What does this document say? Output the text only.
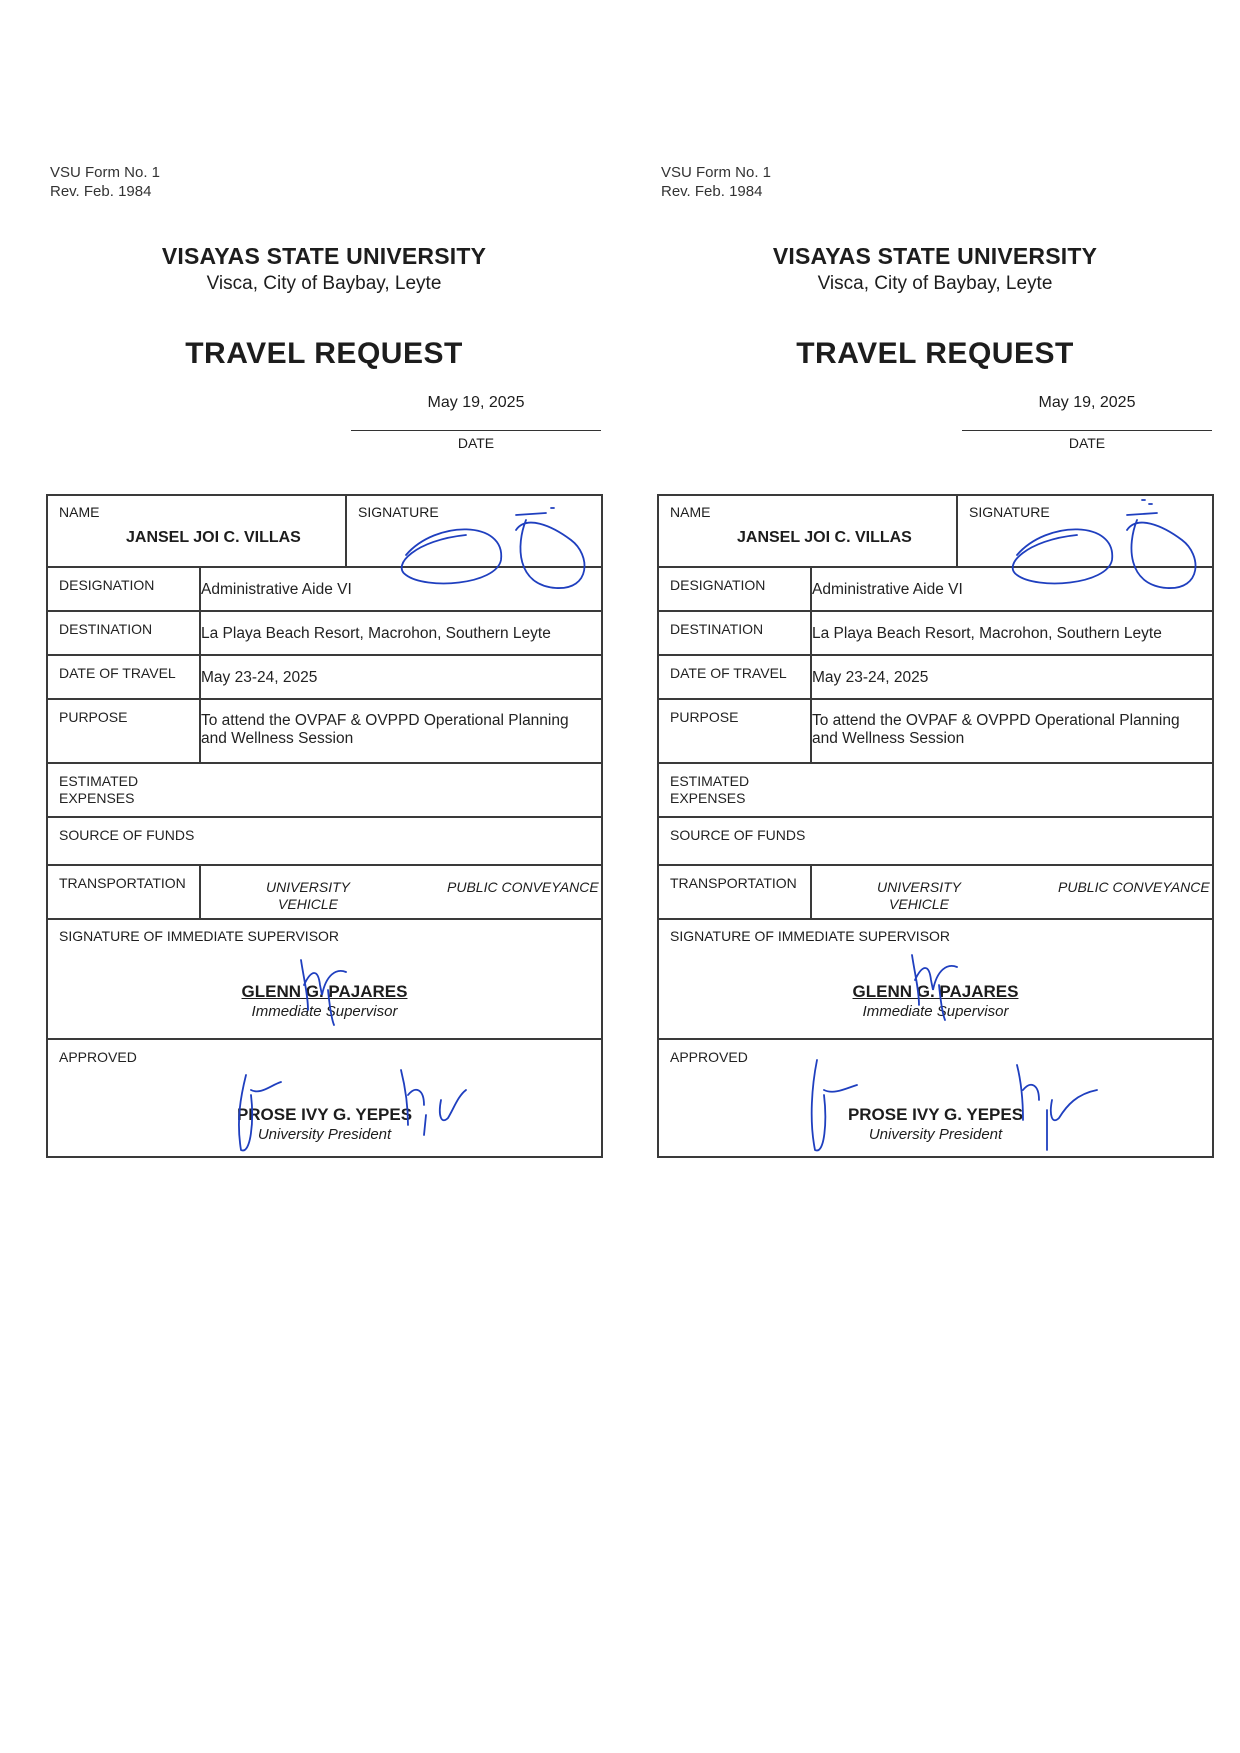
VSU Form No. 1
Rev. Feb. 1984
VISAYAS STATE UNIVERSITY
Visca, City of Baybay, Leyte
TRAVEL REQUEST
May 19, 2025
DATE
NAME
JANSEL JOI C. VILLAS		SIGNATURE

DESIGNATION	Administrative Aide VI	

DESTINATION	La Playa Beach Resort, Macrohon, Southern Leyte	

DATE OF TRAVEL	May 23-24, 2025	

PURPOSE	To attend the OVPAF & OVPPD Operational Planning and Wellness Session	

ESTIMATED EXPENSES		

SOURCE OF FUNDS		

TRANSPORTATION	UNIVERSITY VEHICLE
PUBLIC CONVEYANCE	

SIGNATURE OF IMMEDIATE SUPERVISOR
GLENN G. PAJARES
Immediate Supervisor		

APPROVED
PROSE IVY G. YEPES
University President		
VSU Form No. 1
Rev. Feb. 1984
VISAYAS STATE UNIVERSITY
Visca, City of Baybay, Leyte
TRAVEL REQUEST
May 19, 2025
DATE
NAME
JANSEL JOI C. VILLAS		SIGNATURE

DESIGNATION	Administrative Aide VI	

DESTINATION	La Playa Beach Resort, Macrohon, Southern Leyte	

DATE OF TRAVEL	May 23-24, 2025	

PURPOSE	To attend the OVPAF & OVPPD Operational Planning and Wellness Session	

ESTIMATED EXPENSES		

SOURCE OF FUNDS		

TRANSPORTATION	UNIVERSITY VEHICLE
PUBLIC CONVEYANCE	

SIGNATURE OF IMMEDIATE SUPERVISOR
GLENN G. PAJARES
Immediate Supervisor		

APPROVED
PROSE IVY G. YEPES
University President		
